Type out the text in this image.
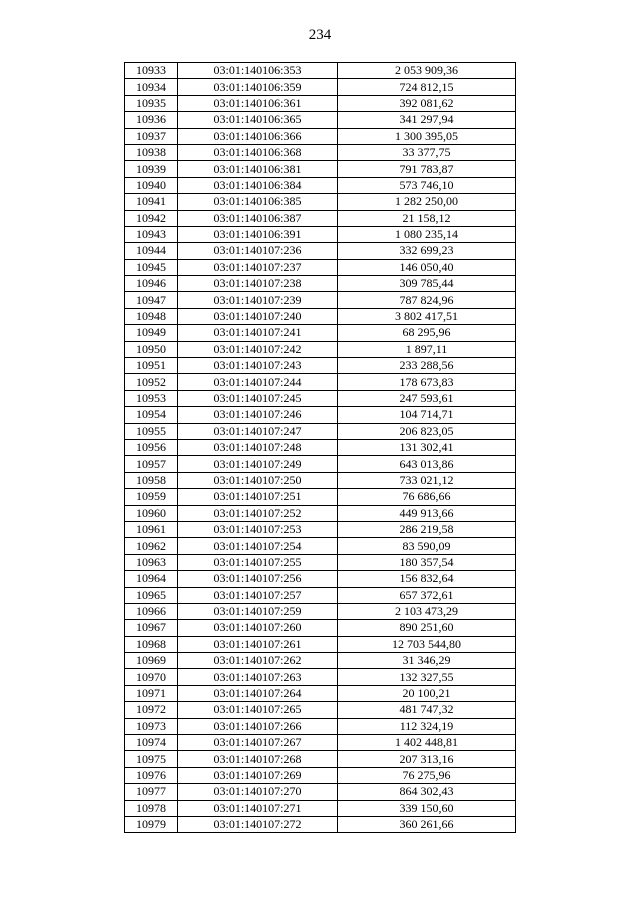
234
10933	03:01:140106:353	2 053 909,36
10934	03:01:140106:359	724 812,15
10935	03:01:140106:361	392 081,62
10936	03:01:140106:365	341 297,94
10937	03:01:140106:366	1 300 395,05
10938	03:01:140106:368	33 377,75
10939	03:01:140106:381	791 783,87
10940	03:01:140106:384	573 746,10
10941	03:01:140106:385	1 282 250,00
10942	03:01:140106:387	21 158,12
10943	03:01:140106:391	1 080 235,14
10944	03:01:140107:236	332 699,23
10945	03:01:140107:237	146 050,40
10946	03:01:140107:238	309 785,44
10947	03:01:140107:239	787 824,96
10948	03:01:140107:240	3 802 417,51
10949	03:01:140107:241	68 295,96
10950	03:01:140107:242	1 897,11
10951	03:01:140107:243	233 288,56
10952	03:01:140107:244	178 673,83
10953	03:01:140107:245	247 593,61
10954	03:01:140107:246	104 714,71
10955	03:01:140107:247	206 823,05
10956	03:01:140107:248	131 302,41
10957	03:01:140107:249	643 013,86
10958	03:01:140107:250	733 021,12
10959	03:01:140107:251	76 686,66
10960	03:01:140107:252	449 913,66
10961	03:01:140107:253	286 219,58
10962	03:01:140107:254	83 590,09
10963	03:01:140107:255	180 357,54
10964	03:01:140107:256	156 832,64
10965	03:01:140107:257	657 372,61
10966	03:01:140107:259	2 103 473,29
10967	03:01:140107:260	890 251,60
10968	03:01:140107:261	12 703 544,80
10969	03:01:140107:262	31 346,29
10970	03:01:140107:263	132 327,55
10971	03:01:140107:264	20 100,21
10972	03:01:140107:265	481 747,32
10973	03:01:140107:266	112 324,19
10974	03:01:140107:267	1 402 448,81
10975	03:01:140107:268	207 313,16
10976	03:01:140107:269	76 275,96
10977	03:01:140107:270	864 302,43
10978	03:01:140107:271	339 150,60
10979	03:01:140107:272	360 261,66
